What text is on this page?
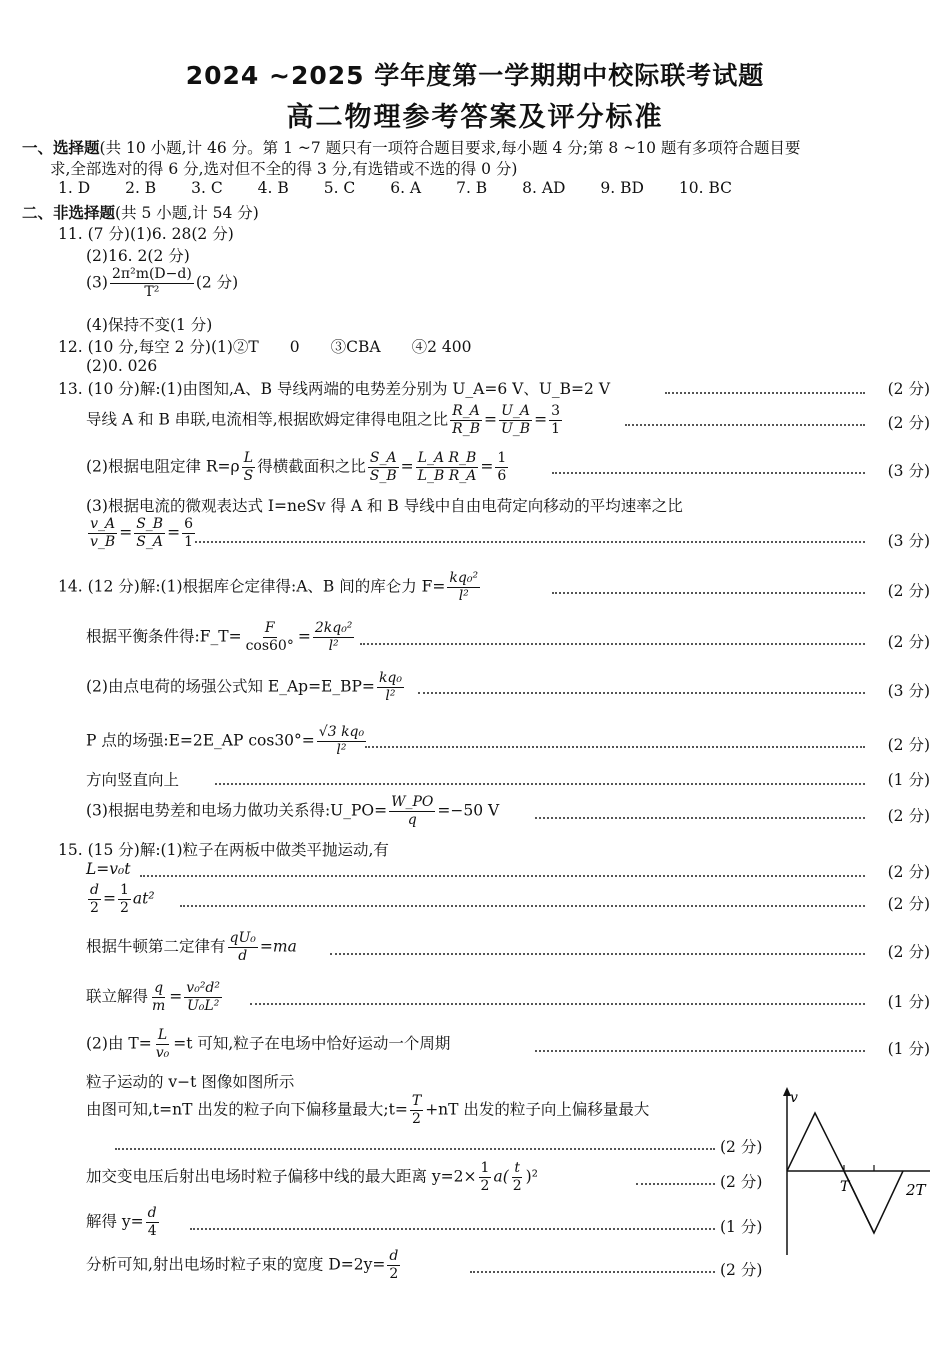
2024 ~2025 学年度第一学期期中校际联考试题
高二物理参考答案及评分标准
一、选择题(共 10 小题,计 46 分。第 1 ~7 题只有一项符合题目要求,每小题 4 分;第 8 ~10 题有多项符合题目要
求,全部选对的得 6 分,选对但不全的得 3 分,有选错或不选的得 0 分)
1. D 2. B 3. C 4. B 5. C 6. A 7. B 8. AD 9. BD 10. BC
二、非选择题(共 5 小题,计 54 分)
11. (7 分)(1)6. 28(2 分)
(2)16. 2(2 分)
$(3) \frac{\text{2π²m(D−d)}}{\text{T²}} (2$ 分)
(4)保持不变(1 分)
12. (10 分,每空 2 分)(1)②T　　0　　③CBA　　④2 400
(2)0. 026
13. (10 分)解:(1)由图知,A、B 导线两端的电势差分别为 U_A=6 V、U_B=2 V	(2 分)
导线 A 和 B 串联,电流相等,根据欧姆定律得电阻之比 $\frac{R\_A}{R\_B} = \frac{U\_A}{U\_B} = \frac{3}{1}$	(2 分)
(2)根据电阻定律 $R=\rho \frac{L}{S}$ 得横截面积之比 $\frac{S\_A}{S\_B} = \frac{\text{L\_A R\_B}}{\text{L\_B R\_A}} = \frac{1}{6}$	(3 分)
(3)根据电流的微观表达式 I=neSv 得 A 和 B 导线中自由电荷定向移动的平均速率之比
$\frac{v\_A}{v\_B} = \frac{S\_B}{S\_A} = \frac{6}{1}$	(3 分)
14. (12 分)解:(1)根据库仑定律得:A、B 间的库仑力 $F= \frac{\text{kq₀²}}{\text{l²}}$	(2 分)
根据平衡条件得:F_T= $\frac{F}{\cos 60^\circ} = \frac{\text{2kq₀²}}{\text{l²}}$	(2 分)
(2)由点电荷的场强公式知 E_Ap=E_BP= $\frac{\text{kq₀}}{\text{l²}}$	(3 分)
P 点的场强:E=2E_AP $\cos 30^\circ= \frac{\text{√3 kq₀}}{\text{l²}}$	(2 分)
方向竖直向上	(1 分)
(3)根据电势差和电场力做功关系得:U_PO= $\frac{W\_PO}{q} =-50$ V	(2 分)
15. (15 分)解:(1)粒子在两板中做类平抛运动,有
L=v₀t	(2 分)
$\frac{d}{2} = \frac{1}{2} at^2$	(2 分)
根据牛顿第二定律有 $\frac{\text{qU₀}}{d} =ma$	(2 分)
联立解得 $\frac{q}{m} = \frac{\text{v₀²d²}}{\text{U₀L²}}$	(1 分)
(2)由 $T= \frac{L}{\text{v₀}} =t$ 可知,粒子在电场中恰好运动一个周期	(1 分)
粒子运动的 v−t 图像如图所示
由图可知,t=nT 出发的粒子向下偏移量最大;t= $\frac{T}{2} +nT$ 出发的粒子向上偏移量最大
(2 分)
加交变电压后射出电场时粒子偏移中线的最大距离 $y=2\times \frac{1}{2} a( \frac{t}{2} )^2$	(2 分)
解得 $y= \frac{d}{4}$	(1 分)
分析可知,射出电场时粒子束的宽度 $D=2y= \frac{d}{2}$	(2 分)
v
T	2T
